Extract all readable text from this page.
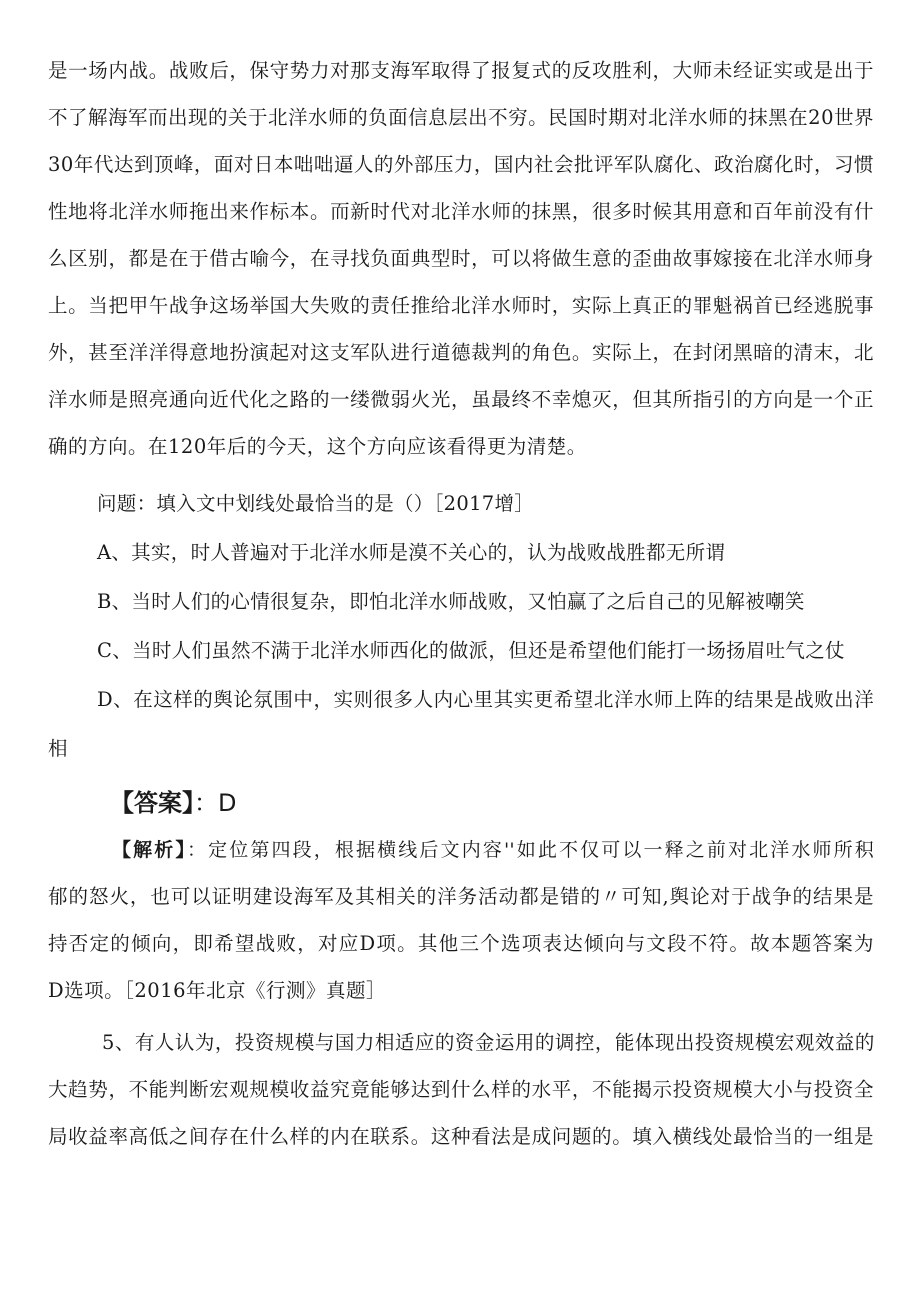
是一场内战。战败后，保守势力对那支海军取得了报复式的反攻胜利，大师未经证实或是出于
不了解海军而出现的关于北洋水师的负面信息层出不穷。民国时期对北洋水师的抹黑在20世界
30年代达到顶峰，面对日本咄咄逼人的外部压力，国内社会批评军队腐化、政治腐化时，习惯
性地将北洋水师拖出来作标本。而新时代对北洋水师的抹黑，很多时候其用意和百年前没有什
么区别，都是在于借古喻今，在寻找负面典型时，可以将做生意的歪曲故事嫁接在北洋水师身
上。当把甲午战争这场举国大失败的责任推给北洋水师时，实际上真正的罪魁祸首已经逃脱事
外，甚至洋洋得意地扮演起对这支军队进行道德裁判的角色。实际上，在封闭黑暗的清末，北
洋水师是照亮通向近代化之路的一缕微弱火光，虽最终不幸熄灭，但其所指引的方向是一个正
确的方向。在120年后的今天，这个方向应该看得更为清楚。
问题：填入文中划线处最恰当的是（）［2017增］
A、其实，时人普遍对于北洋水师是漠不关心的，认为战败战胜都无所谓
B、当时人们的心情很复杂，即怕北洋水师战败，又怕赢了之后自己的见解被嘲笑
C、当时人们虽然不满于北洋水师西化的做派，但还是希望他们能打一场扬眉吐气之仗
D、在这样的舆论氛围中，实则很多人内心里其实更希望北洋水师上阵的结果是战败出洋
相
【答案】：D
【解析】：定位第四段，根据横线后文内容''如此不仅可以一释之前对北洋水师所积
郁的怒火，也可以证明建设海军及其相关的洋务活动都是错的〃可知,舆论对于战争的结果是
持否定的倾向，即希望战败，对应D项。其他三个选项表达倾向与文段不符。故本题答案为
D选项。［2016年北京《行测》真题］
5、有人认为，投资规模与国力相适应的资金运用的调控，能体现出投资规模宏观效益的
大趋势，不能判断宏观规模收益究竟能够达到什么样的水平，不能揭示投资规模大小与投资全
局收益率高低之间存在什么样的内在联系。这种看法是成问题的。填入横线处最恰当的一组是
